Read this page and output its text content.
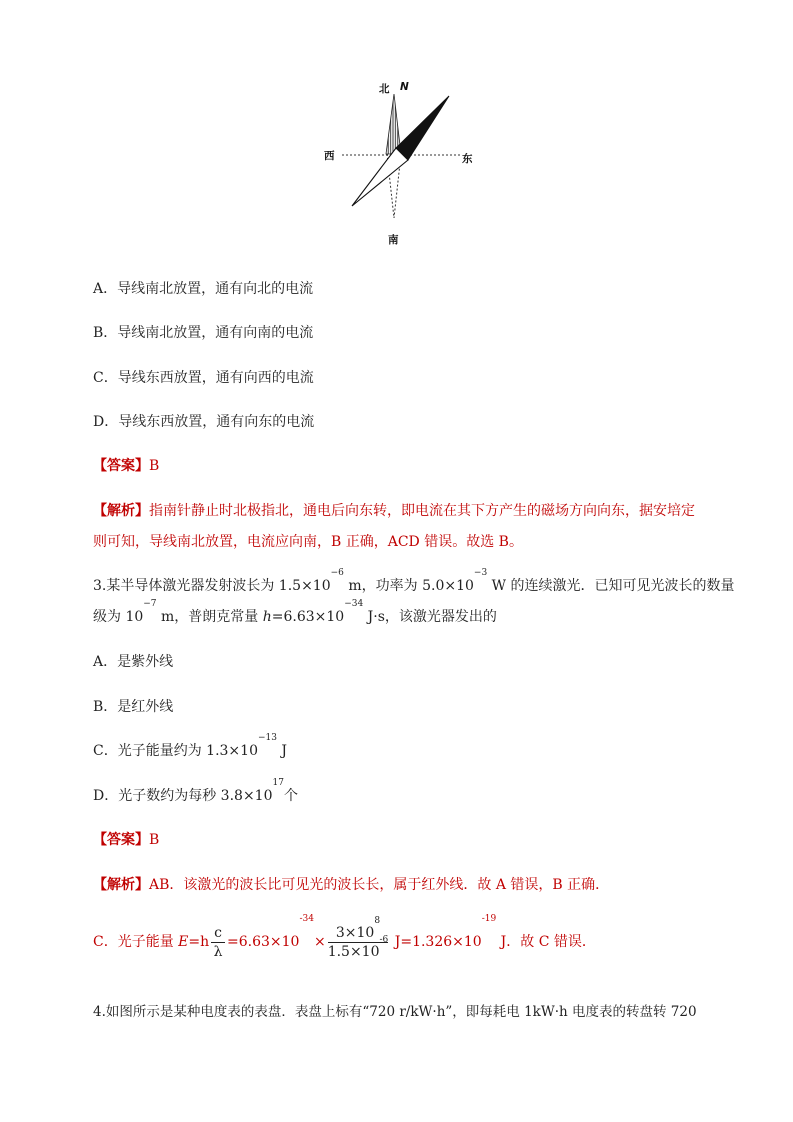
北 N
西	东
南
A．导线南北放置，通有向北的电流
B．导线南北放置，通有向南的电流
C．导线东西放置，通有向西的电流
D．导线东西放置，通有向东的电流
【答案】B
【解析】指南针静止时北极指北，通电后向东转，即电流在其下方产生的磁场方向向东，据安培定
则可知，导线南北放置，电流应向南，B 正确，ACD 错误。故选 B。
3.某半导体激光器发射波长为 $1.5\times 10^{-6}$ m，功率为 $5.0\times 10^{-3}$ W 的连续激光．已知可见光波长的数量
级为 $10^{-7}$ m，普朗克常量 $h=6.63\times 10^{-34}$ J·s，该激光器发出的
A．是紫外线
B．是红外线
C．光子能量约为 $1.3\times 10^{-13}$ J
D．光子数约为每秒 $3.8\times 10^{17}$个
【答案】B
【解析】AB．该激光的波长比可见光的波长长，属于红外线．故 A 错误，B 正确．
C．光子能量 $E=h \frac{c}{\lambda} =6.63\times 10^{-34}\times \frac{3\times 10^8}{1.5\times 10^{-6}} J=1.326\times 10^{-19}$ J．故 C 错误．
4.如图所示是某种电度表的表盘．表盘上标有“720 r/kW·h”，即每耗电 1kW·h 电度表的转盘转 720
